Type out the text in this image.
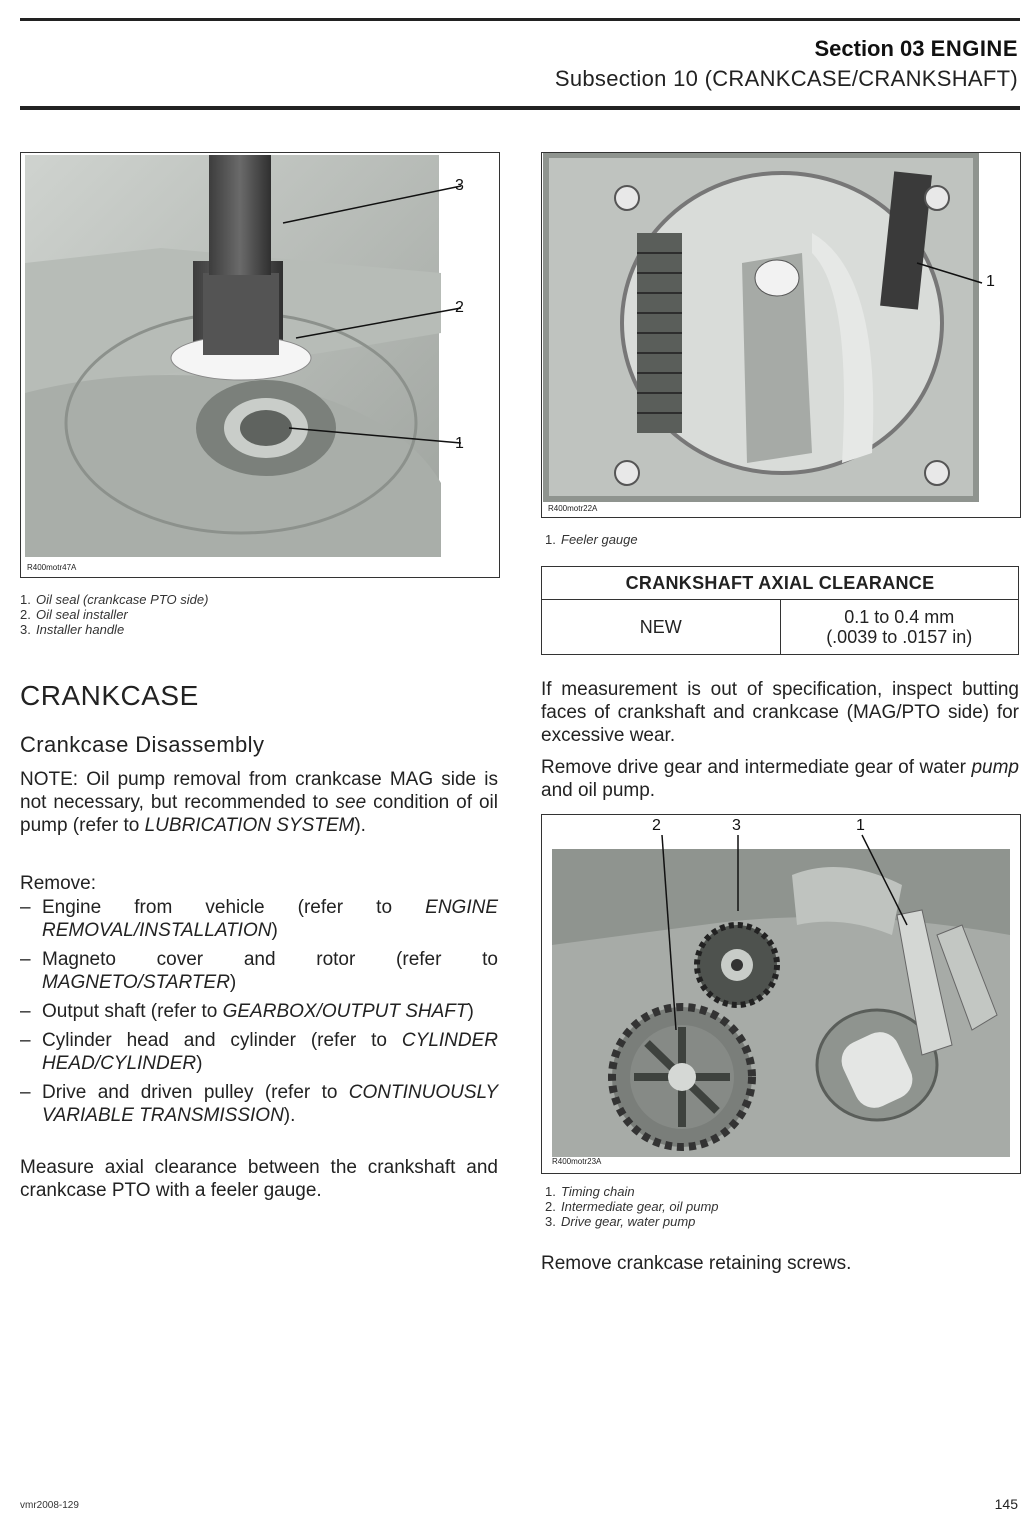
Section 03 ENGINE
Subsection 10 (CRANKCASE/CRANKSHAFT)
R400motr47A
3
2
1
1. Oil seal (crankcase PTO side)
2. Oil seal installer
3. Installer handle
R400motr22A
1
1. Feeler gauge
CRANKSHAFT AXIAL CLEARANCE
NEW	0.1 to 0.4 mm
(.0039 to .0157 in)
CRANKCASE
Crankcase Disassembly

NOTE: Oil pump removal from crankcase MAG side is not necessary, but recommended to see condition of oil pump (refer to LUBRICATION SYSTEM).

Remove:

– Engine from vehicle (refer to ENGINE REMOVAL/INSTALLATION)
– Magneto cover and rotor (refer to MAGNETO/STARTER)
– Output shaft (refer to GEARBOX/OUTPUT SHAFT)
– Cylinder head and cylinder (refer to CYLINDER HEAD/CYLINDER)
– Drive and driven pulley (refer to CONTINUOUSLY VARIABLE TRANSMISSION).

Measure axial clearance between the crankshaft and crankcase PTO with a feeler gauge.

If measurement is out of specification, inspect butting faces of crankshaft and crankcase (MAG/PTO side) for excessive wear.

Remove drive gear and intermediate gear of water pump and oil pump.

R400motr23A
2	3	1
1. Timing chain
2. Intermediate gear, oil pump
3. Drive gear, water pump

Remove crankcase retaining screws.

vmr2008-129	145
